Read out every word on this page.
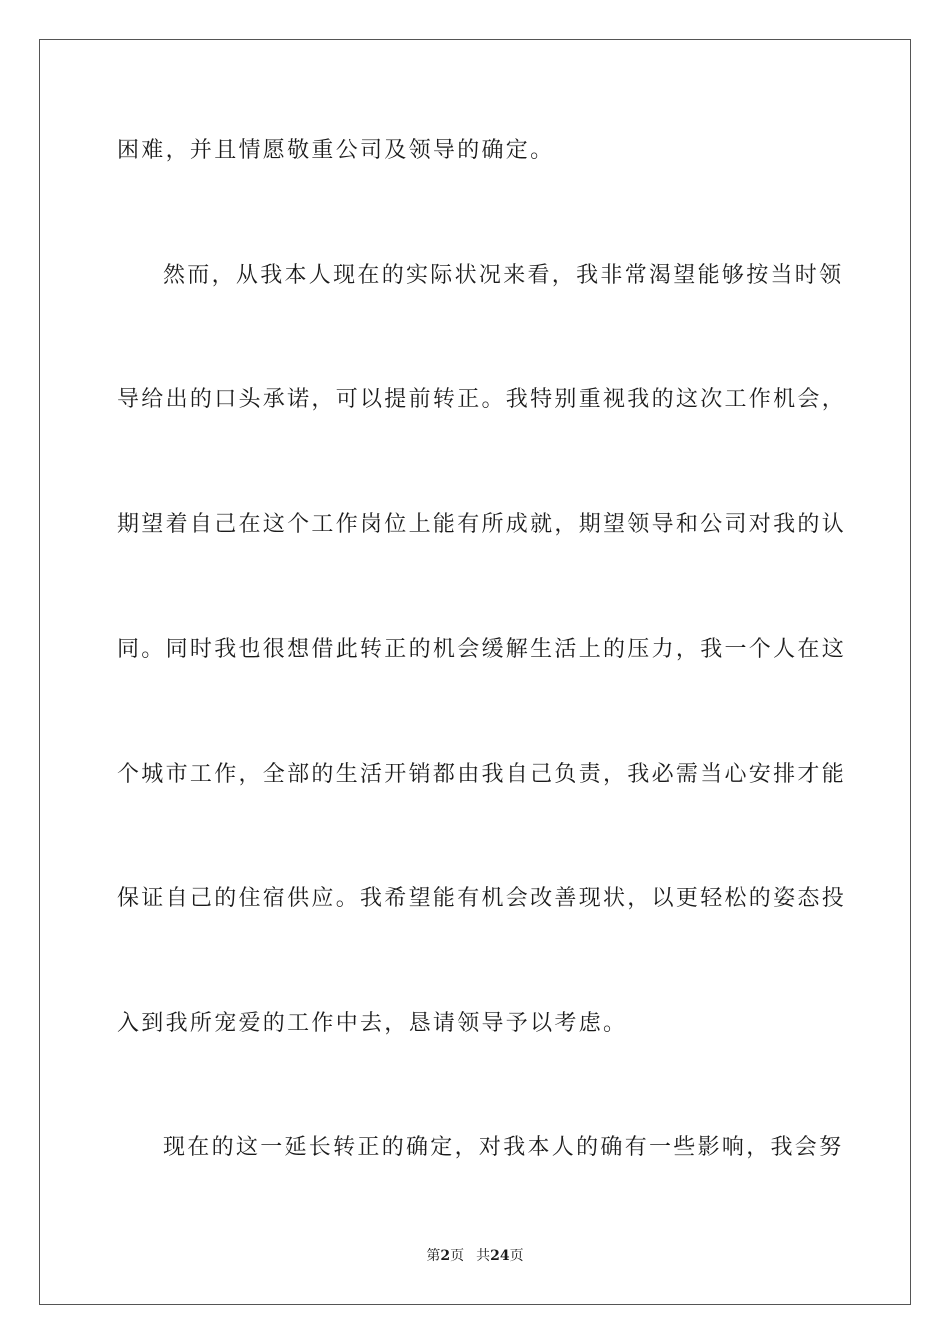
困难，并且情愿敬重公司及领导的确定。
然而，从我本人现在的实际状况来看，我非常渴望能够按当时领
导给出的口头承诺，可以提前转正。我特别重视我的这次工作机会，
期望着自己在这个工作岗位上能有所成就，期望领导和公司对我的认
同。同时我也很想借此转正的机会缓解生活上的压力，我一个人在这
个城市工作，全部的生活开销都由我自己负责，我必需当心安排才能
保证自己的住宿供应。我希望能有机会改善现状，以更轻松的姿态投
入到我所宠爱的工作中去，恳请领导予以考虑。
现在的这一延长转正的确定，对我本人的确有一些影响，我会努
第2页 共24页
